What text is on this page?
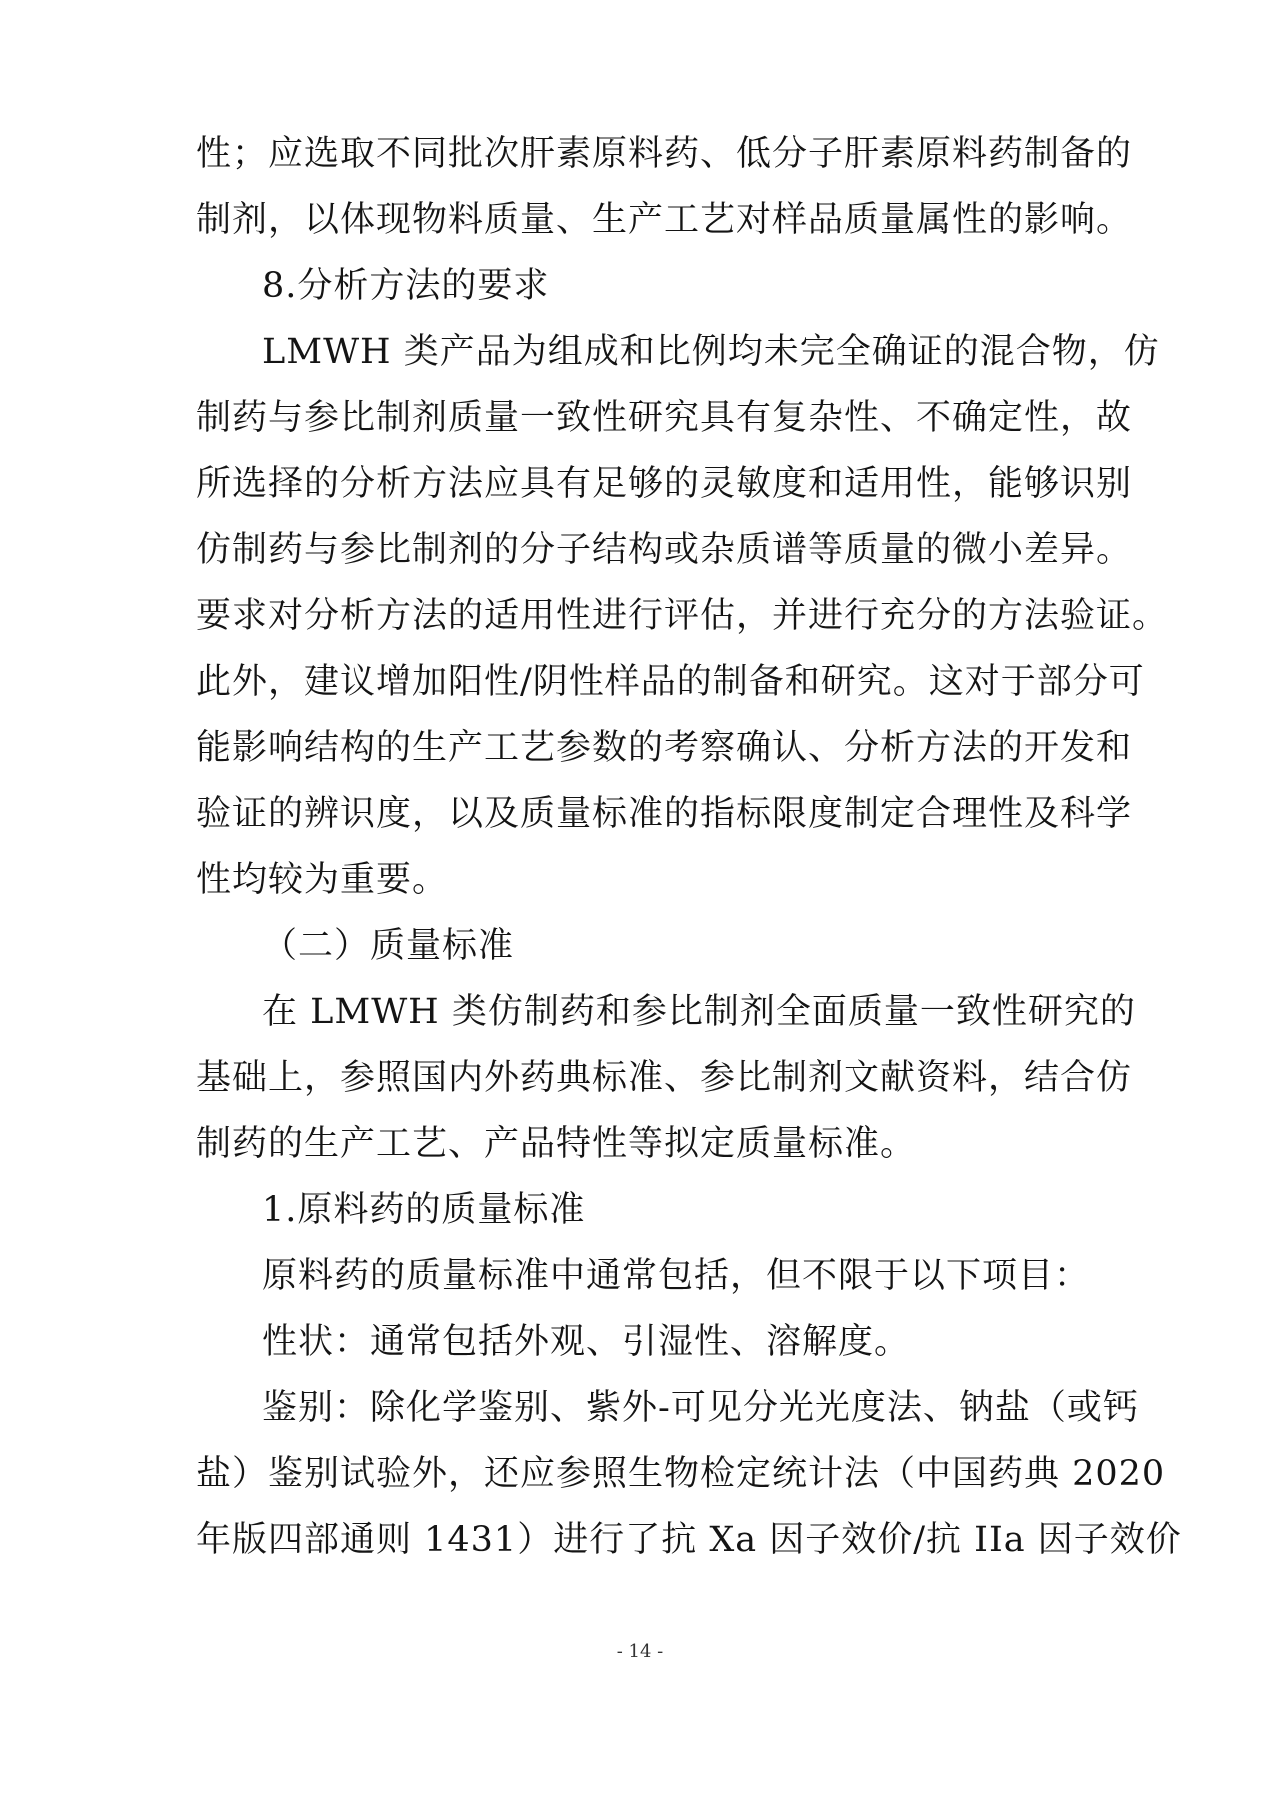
性；应选取不同批次肝素原料药、低分子肝素原料药制备的
制剂，以体现物料质量、生产工艺对样品质量属性的影响。
8.分析方法的要求
LMWH 类产品为组成和比例均未完全确证的混合物，仿
制药与参比制剂质量一致性研究具有复杂性、不确定性，故
所选择的分析方法应具有足够的灵敏度和适用性，能够识别
仿制药与参比制剂的分子结构或杂质谱等质量的微小差异。
要求对分析方法的适用性进行评估，并进行充分的方法验证。
此外，建议增加阳性/阴性样品的制备和研究。这对于部分可
能影响结构的生产工艺参数的考察确认、分析方法的开发和
验证的辨识度，以及质量标准的指标限度制定合理性及科学
性均较为重要。
（二）质量标准
在 LMWH 类仿制药和参比制剂全面质量一致性研究的
基础上，参照国内外药典标准、参比制剂文献资料，结合仿
制药的生产工艺、产品特性等拟定质量标准。
1.原料药的质量标准
原料药的质量标准中通常包括，但不限于以下项目：
性状：通常包括外观、引湿性、溶解度。
鉴别：除化学鉴别、紫外-可见分光光度法、钠盐（或钙
盐）鉴别试验外，还应参照生物检定统计法（中国药典 2020
年版四部通则 1431）进行了抗 Xa 因子效价/抗 IIa 因子效价
- 14 -
